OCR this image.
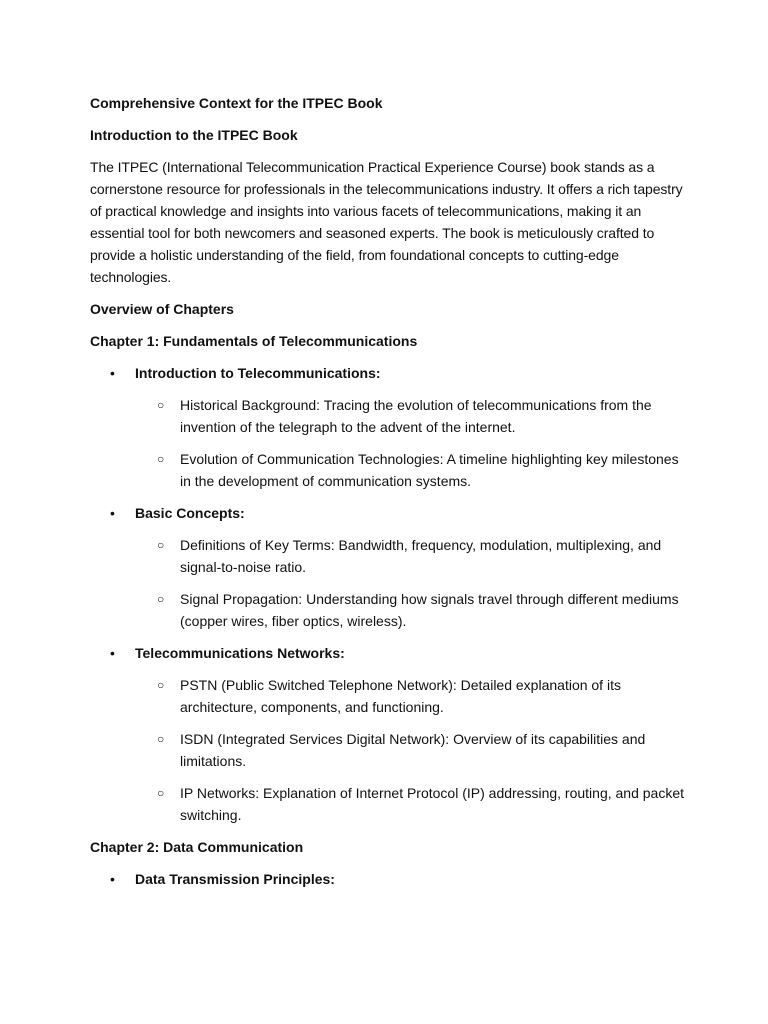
Comprehensive Context for the ITPEC Book
Introduction to the ITPEC Book
The ITPEC (International Telecommunication Practical Experience Course) book stands as a cornerstone resource for professionals in the telecommunications industry. It offers a rich tapestry of practical knowledge and insights into various facets of telecommunications, making it an essential tool for both newcomers and seasoned experts. The book is meticulously crafted to provide a holistic understanding of the field, from foundational concepts to cutting-edge technologies.
Overview of Chapters
Chapter 1: Fundamentals of Telecommunications
• Introduction to Telecommunications:
○ Historical Background: Tracing the evolution of telecommunications from the invention of the telegraph to the advent of the internet.
○ Evolution of Communication Technologies: A timeline highlighting key milestones in the development of communication systems.
• Basic Concepts:
○ Definitions of Key Terms: Bandwidth, frequency, modulation, multiplexing, and signal-to-noise ratio.
○ Signal Propagation: Understanding how signals travel through different mediums (copper wires, fiber optics, wireless).
• Telecommunications Networks:
○ PSTN (Public Switched Telephone Network): Detailed explanation of its architecture, components, and functioning.
○ ISDN (Integrated Services Digital Network): Overview of its capabilities and limitations.
○ IP Networks: Explanation of Internet Protocol (IP) addressing, routing, and packet switching.
Chapter 2: Data Communication
• Data Transmission Principles:
